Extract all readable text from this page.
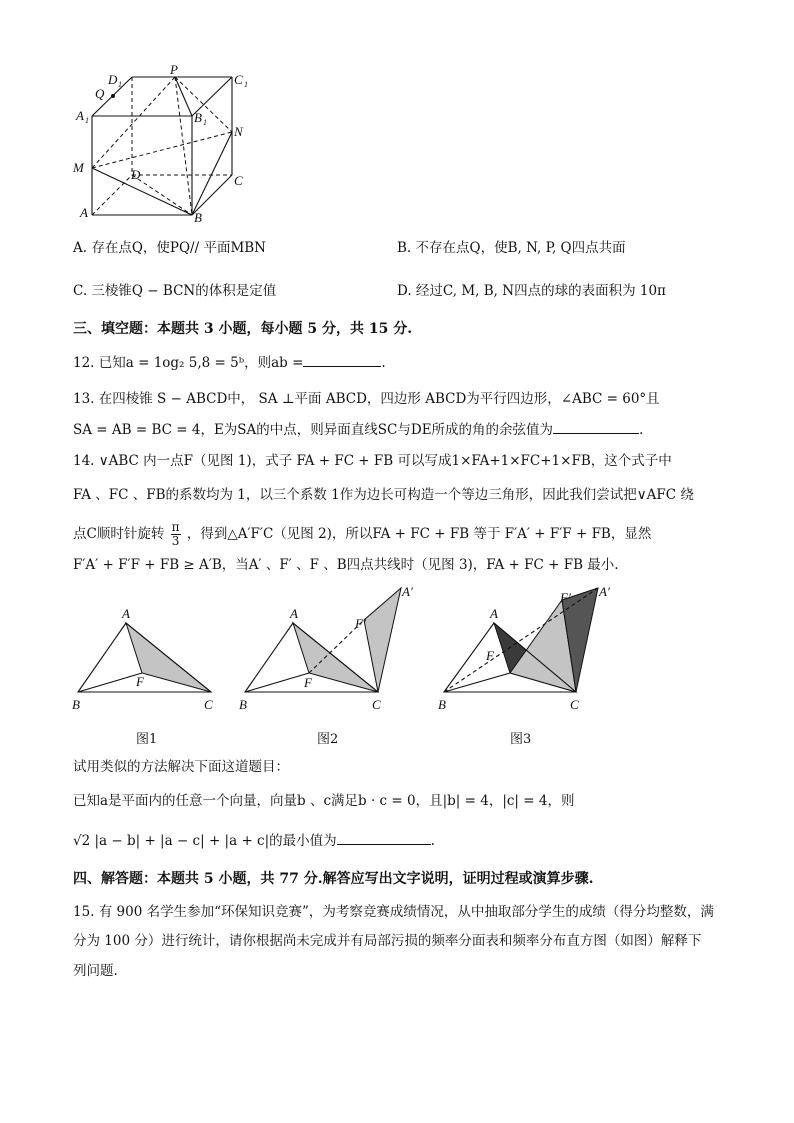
D 1
Q
P
C 1
A 1	B 1
N
M	D	C
A	B
A. 存在点Q，使PQ// 平面MBN	B. 不存在点Q，使B, N, P, Q四点共面
C. 三棱锥Q − BCN的体积是定值	D. 经过C, M, B, N四点的球的表面积为 10π
三、填空题：本题共 3 小题，每小题 5 分，共 15 分.
12. 已知a = 1og₂ 5,8 = 5ᵇ，则ab =	.
13. 在四棱锥 S − ABCD中， SA ⊥平面 ABCD，四边形 ABCD为平行四边形，∠ABC = 60°且
SA = AB = BC = 4，E为SA的中点，则异面直线SC与DE所成的角的余弦值为	.
14. ∨ABC 内一点F（见图 1)，式子 FA + FC + FB 可以写成1×FA+1×FC+1×FB，这个式子中
FA 、FC 、FB的系数均为 1，以三个系数 1作为边长可构造一个等边三角形，因此我们尝试把∨AFC 绕
点C顺时针旋转 $\frac{\pi}{3}$ ，得到△A′F′C（见图 2)，所以FA + FC + FB 等于 F′A′ + F′F + FB，显然
F′A′ + F′F + FB ≥ A′B，当A′ 、F′ 、F 、B四点共线时（见图 3)，FA + FC + FB 最小.
A
B	C
F
A
B	C
F
F′
A′
A
B	C
F
F′ A′
图1	图2	图3
试用类似的方法解决下面这道题目：
已知a是平面内的任意一个向量，向量b 、c满足b · c = 0，且|b| = 4，|c| = 4，则
√2 |a − b| + |a − c| + |a + c|的最小值为	.
四、解答题：本题共 5 小题，共 77 分.解答应写出文字说明，证明过程或演算步骤.
15. 有 900 名学生参加“环保知识竞赛”，为考察竞赛成绩情况，从中抽取部分学生的成绩（得分均整数，满
分为 100 分）进行统计，请你根据尚未完成并有局部污损的频率分面表和频率分布直方图（如图）解释下
列问题.
